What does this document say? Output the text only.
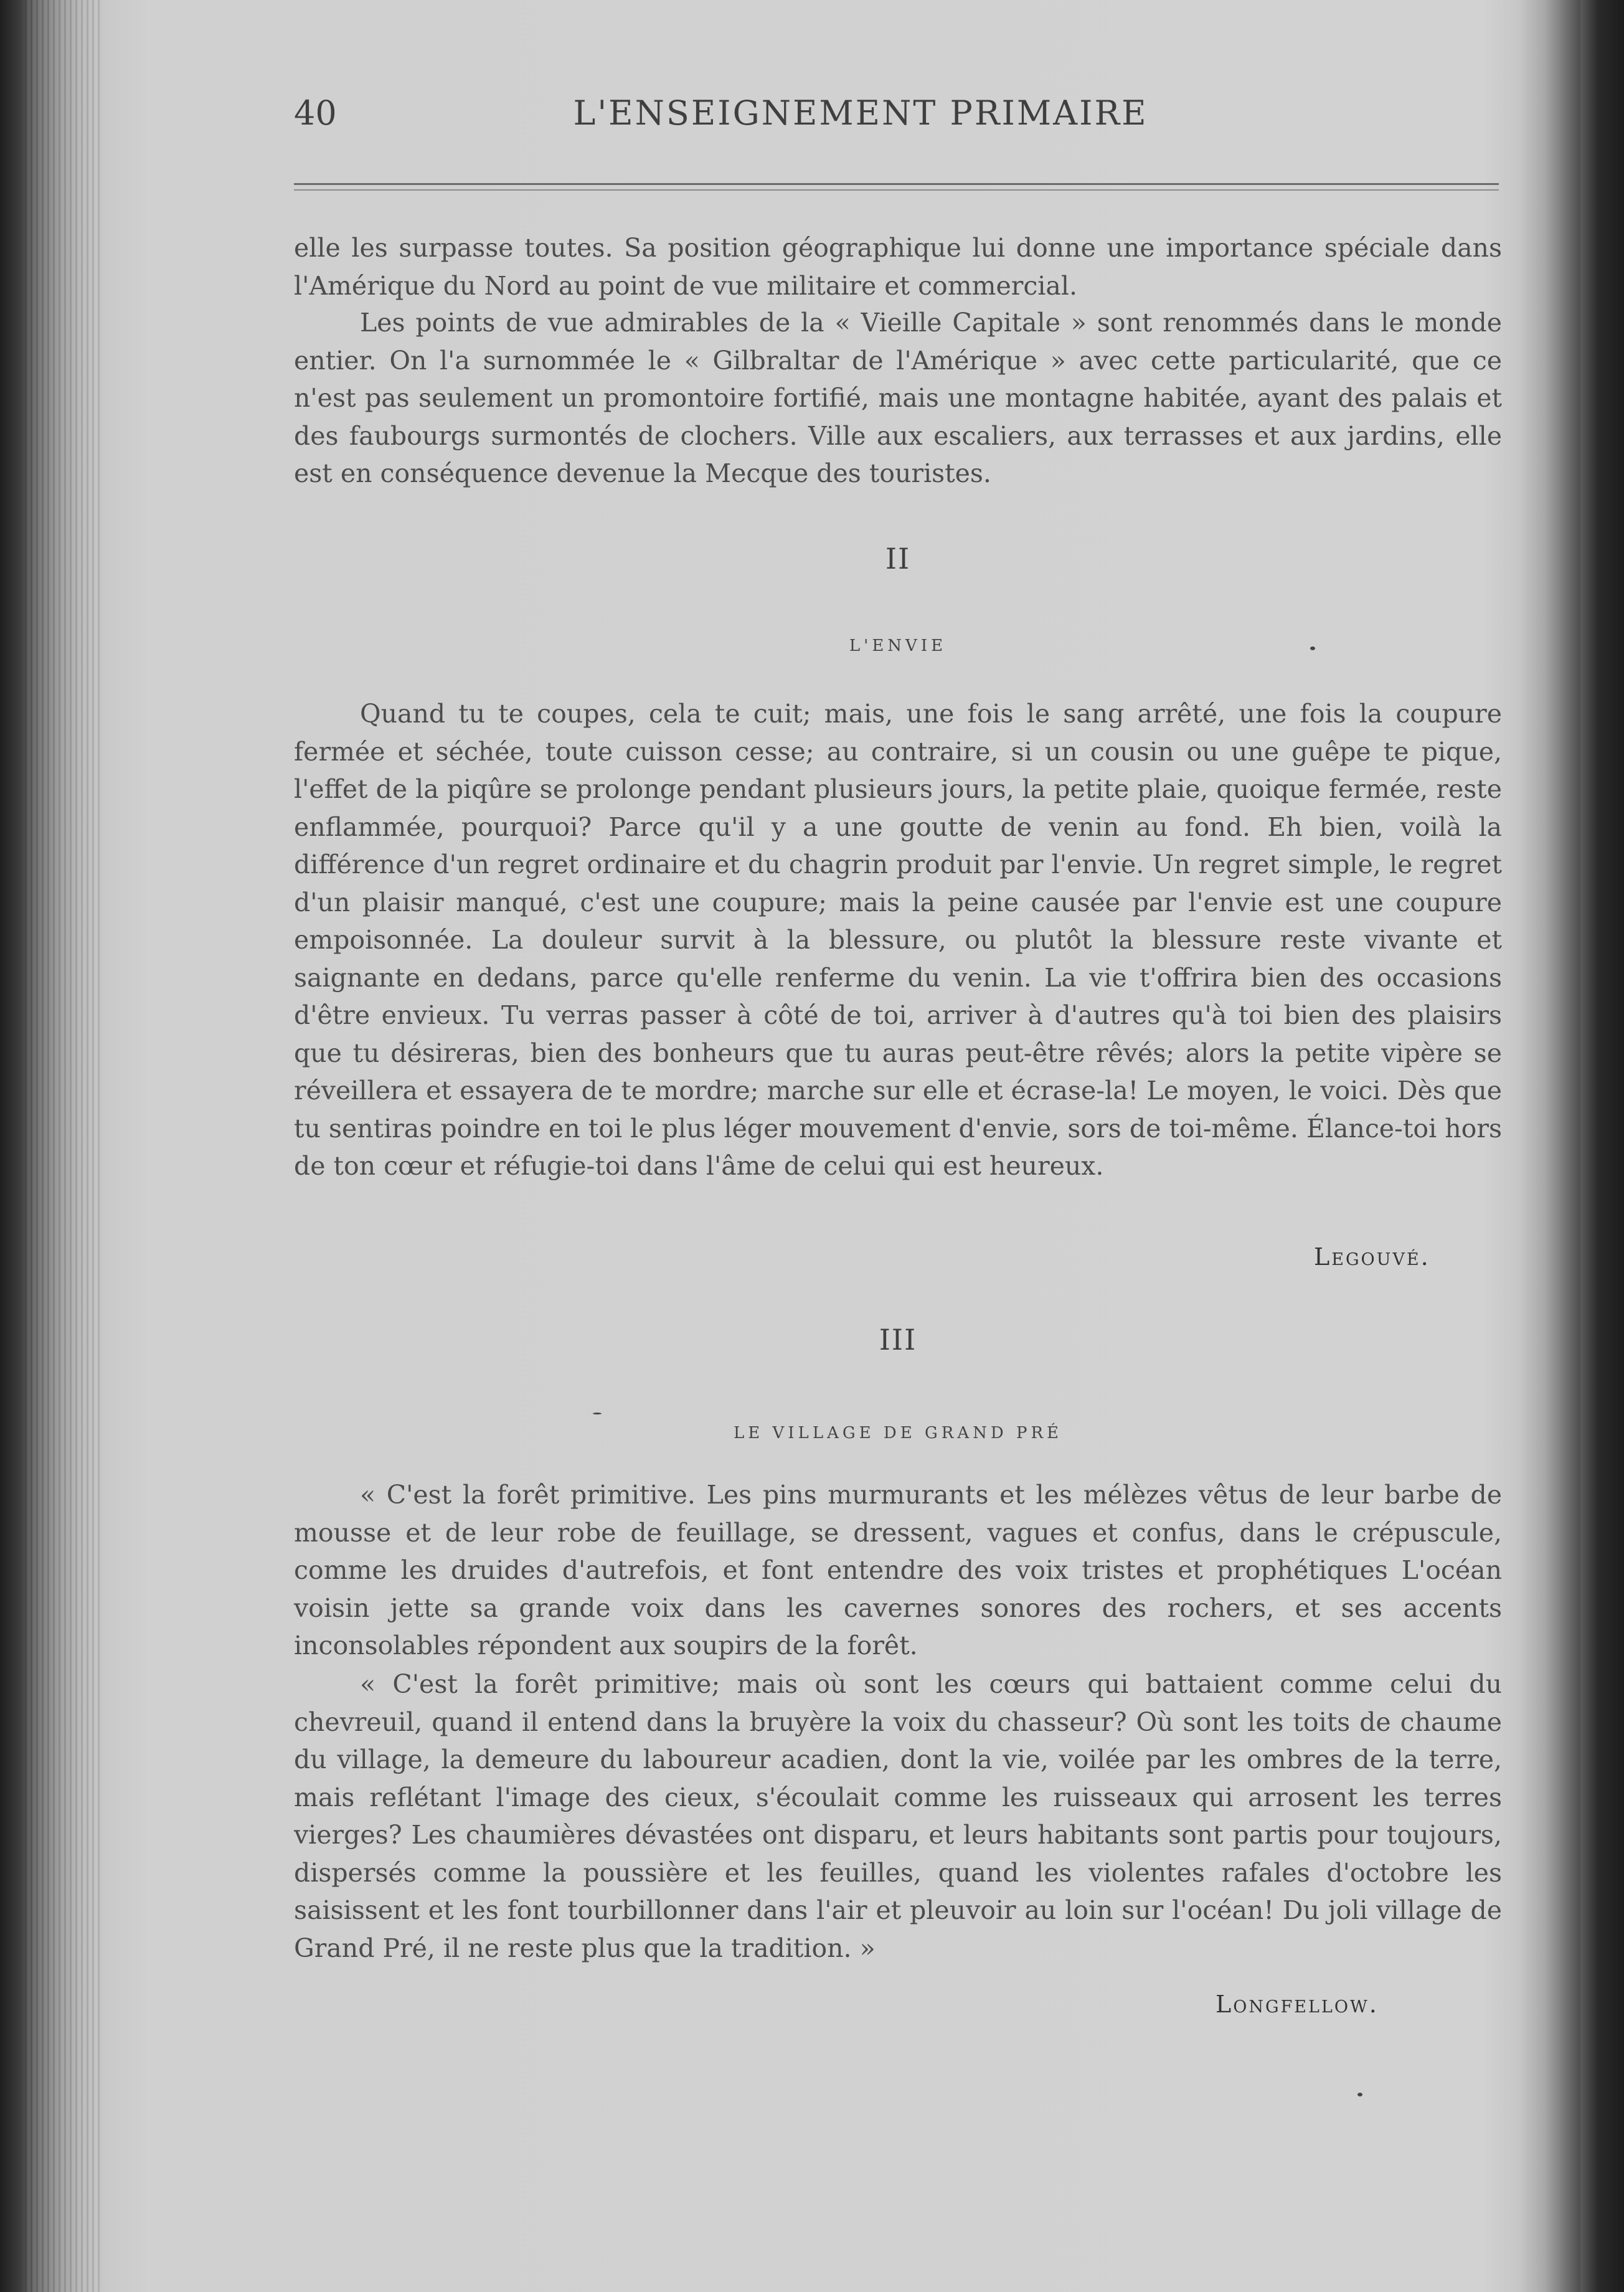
40	L'ENSEIGNEMENT PRIMAIRE

elle les surpasse toutes. Sa position géographique lui donne une importance spéciale dans l'Amérique du Nord au point de vue militaire et commercial.

Les points de vue admirables de la « Vieille Capitale » sont renommés dans le monde entier. On l'a surnommée le « Gilbraltar de l'Amérique » avec cette particularité, que ce n'est pas seulement un promontoire fortifié, mais une montagne habitée, ayant des palais et des faubourgs surmontés de clochers. Ville aux escaliers, aux terrasses et aux jardins, elle est en conséquence devenue la Mecque des touristes.

II
L'ENVIE

Quand tu te coupes, cela te cuit; mais, une fois le sang arrêté, une fois la coupure fermée et séchée, toute cuisson cesse; au contraire, si un cousin ou une guêpe te pique, l'effet de la piqûre se prolonge pendant plusieurs jours, la petite plaie, quoique fermée, reste enflammée, pourquoi? Parce qu'il y a une goutte de venin au fond. Eh bien, voilà la différence d'un regret ordinaire et du chagrin produit par l'envie. Un regret simple, le regret d'un plaisir manqué, c'est une coupure; mais la peine causée par l'envie est une coupure empoisonnée. La douleur survit à la blessure, ou plutôt la blessure reste vivante et saignante en dedans, parce qu'elle renferme du venin. La vie t'offrira bien des occasions d'être envieux. Tu verras passer à côté de toi, arriver à d'autres qu'à toi bien des plaisirs que tu désireras, bien des bonheurs que tu auras peut-être rêvés; alors la petite vipère se réveillera et essayera de te mordre; marche sur elle et écrase-la! Le moyen, le voici. Dès que tu sentiras poindre en toi le plus léger mouvement d'envie, sors de toi-même. Élance-toi hors de ton cœur et réfugie-toi dans l'âme de celui qui est heureux.

Legouvé.
III
LE VILLAGE DE GRAND PRÉ

« C'est la forêt primitive. Les pins murmurants et les mélèzes vêtus de leur barbe de mousse et de leur robe de feuillage, se dressent, vagues et confus, dans le crépuscule, comme les druides d'autrefois, et font entendre des voix tristes et prophétiques L'océan voisin jette sa grande voix dans les cavernes sonores des rochers, et ses accents inconsolables répondent aux soupirs de la forêt.

« C'est la forêt primitive; mais où sont les cœurs qui battaient comme celui du chevreuil, quand il entend dans la bruyère la voix du chasseur? Où sont les toits de chaume du village, la demeure du laboureur acadien, dont la vie, voilée par les ombres de la terre, mais reflétant l'image des cieux, s'écoulait comme les ruisseaux qui arrosent les terres vierges? Les chaumières dévastées ont disparu, et leurs habitants sont partis pour toujours, dispersés comme la poussière et les feuilles, quand les violentes rafales d'octobre les saisissent et les font tourbillonner dans l'air et pleuvoir au loin sur l'océan! Du joli village de Grand Pré, il ne reste plus que la tradition. »

Longfellow.
